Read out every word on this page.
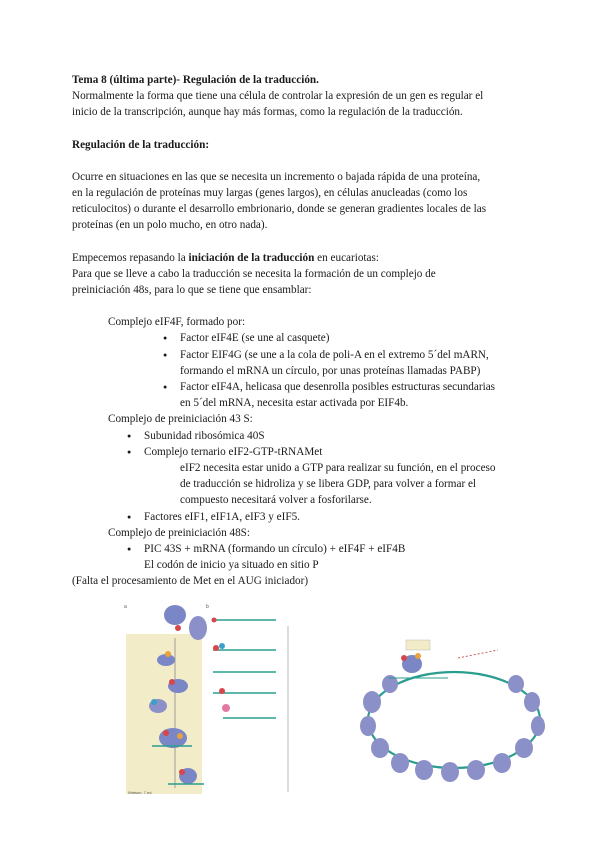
Tema 8 (última parte)- Regulación de la traducción.

Normalmente la forma que tiene una célula de controlar la expresión de un gen es regular el

inicio de la transcripción, aunque hay más formas, como la regulación de la traducción.

Regulación de la traducción:

Ocurre en situaciones en las que se necesita un incremento o bajada rápida de una proteína,

en la regulación de proteínas muy largas (genes largos), en células anucleadas (como los

reticulocitos) o durante el desarrollo embrionario, donde se generan gradientes locales de las

proteínas (en un polo mucho, en otro nada).

Empecemos repasando la iniciación de la traducción en eucariotas:

Para que se lleve a cabo la traducción se necesita la formación de un complejo de

preiniciación 48s, para lo que se tiene que ensamblar:

Complejo eIF4F, formado por:

● Factor eIF4E (se une al casquete)
● Factor EIF4G (se une a la cola de poli-A en el extremo 5´del mARN,
formando el mRNA un círculo, por unas proteínas llamadas PABP)
● Factor eIF4A, helicasa que desenrolla posibles estructuras secundarias
en 5´del mRNA, necesita estar activada por EIF4b.

Complejo de preiniciación 43 S:

● Subunidad ribosómica 40S
● Complejo ternario eIF2-GTP-tRNAMet
eIF2 necesita estar unido a GTP para realizar su función, en el proceso
de traducción se hidroliza y se libera GDP, para volver a formar el
compuesto necesitará volver a fosforilarse.
● Factores eIF1, eIF1A, eIF3 y eIF5.

Complejo de preiniciación 48S:

● PIC 43S + mRNA (formando un círculo) + eIF4F + eIF4B
El codón de inicio ya situado en sitio P

(Falta el procesamiento de Met en el AUG iniciador)

a	b
Watson, 7 ed.
